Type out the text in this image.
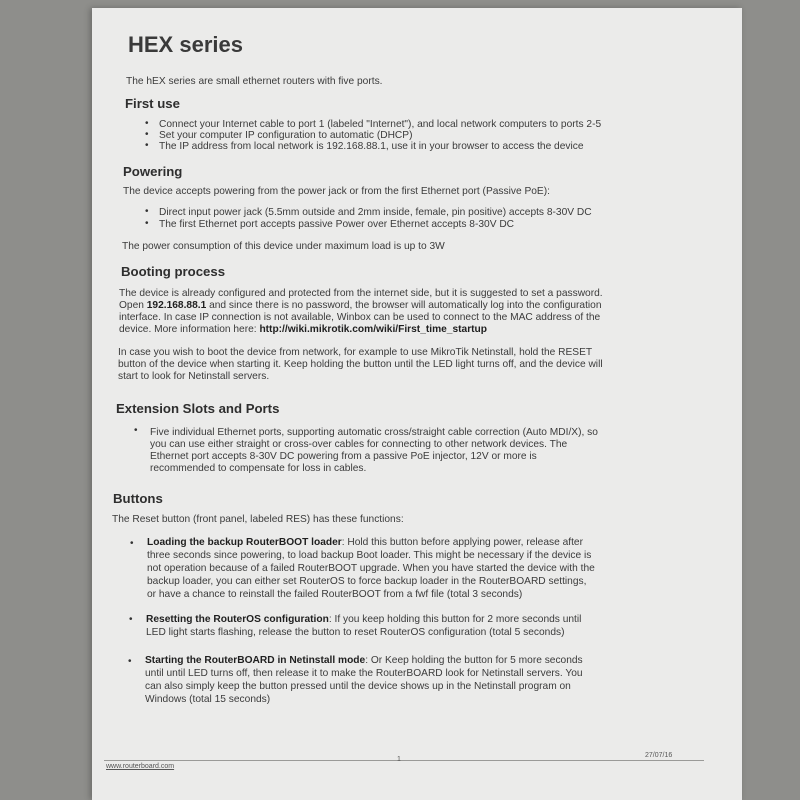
HEX series
The hEX series are small ethernet routers with five ports.
First use
• Connect your Internet cable to port 1 (labeled "Internet"), and local network computers to ports 2-5
• Set your computer IP configuration to automatic (DHCP)
• The IP address from local network is 192.168.88.1, use it in your browser to access the device
Powering
The device accepts powering from the power jack or from the first Ethernet port (Passive PoE):
• Direct input power jack (5.5mm outside and 2mm inside, female, pin positive) accepts 8-30V DC
• The first Ethernet port accepts passive Power over Ethernet accepts 8-30V DC
The power consumption of this device under maximum load is up to 3W
Booting process
The device is already configured and protected from the internet side, but it is suggested to set a password.
Open 192.168.88.1 and since there is no password, the browser will automatically log into the configuration
interface. In case IP connection is not available, Winbox can be used to connect to the MAC address of the
device. More information here: http://wiki.mikrotik.com/wiki/First_time_startup
In case you wish to boot the device from network, for example to use MikroTik Netinstall, hold the RESET
button of the device when starting it. Keep holding the button until the LED light turns off, and the device will
start to look for Netinstall servers.
Extension Slots and Ports
• Five individual Ethernet ports, supporting automatic cross/straight cable correction (Auto MDI/X), so
you can use either straight or cross-over cables for connecting to other network devices. The
Ethernet port accepts 8-30V DC powering from a passive PoE injector, 12V or more is
recommended to compensate for loss in cables.
Buttons
The Reset button (front panel, labeled RES) has these functions:
• Loading the backup RouterBOOT loader: Hold this button before applying power, release after
three seconds since powering, to load backup Boot loader. This might be necessary if the device is
not operation because of a failed RouterBOOT upgrade. When you have started the device with the
backup loader, you can either set RouterOS to force backup loader in the RouterBOARD settings,
or have a chance to reinstall the failed RouterBOOT from a fwf file (total 3 seconds)
• Resetting the RouterOS configuration: If you keep holding this button for 2 more seconds until
LED light starts flashing, release the button to reset RouterOS configuration (total 5 seconds)
• Starting the RouterBOARD in Netinstall mode: Or Keep holding the button for 5 more seconds
until until LED turns off, then release it to make the RouterBOARD look for Netinstall servers. You
can also simply keep the button pressed until the device shows up in the Netinstall program on
Windows (total 15 seconds)
www.routerboard.com
1
27/07/16
